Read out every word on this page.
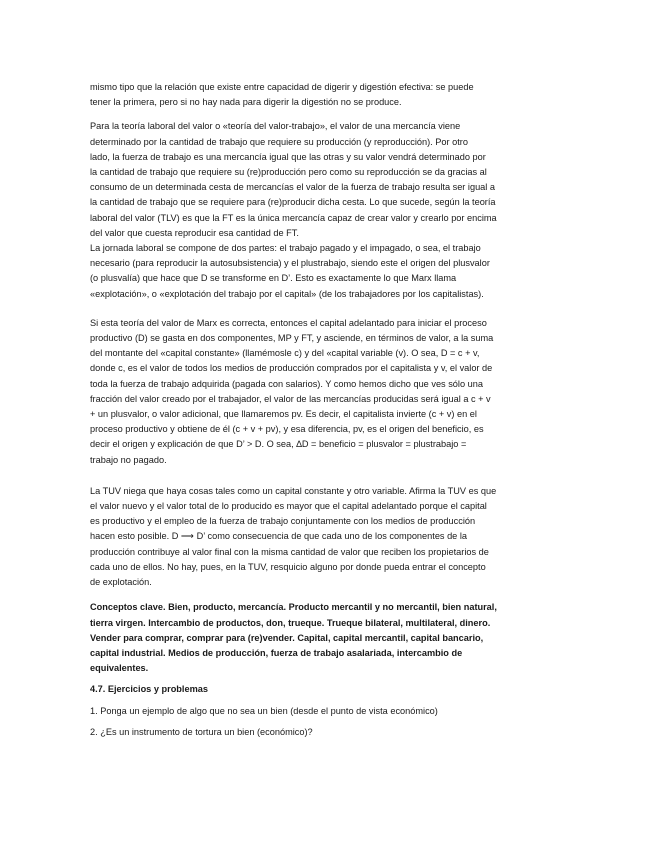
mismo tipo que la relación que existe entre capacidad de digerir y digestión efectiva: se puede
tener la primera, pero si no hay nada para digerir la digestión no se produce.
Para la teoría laboral del valor o «teoría del valor-trabajo», el valor de una mercancía viene
determinado por la cantidad de trabajo que requiere su producción (y reproducción). Por otro
lado, la fuerza de trabajo es una mercancía igual que las otras y su valor vendrá determinado por
la cantidad de trabajo que requiere su (re)producción pero como su reproducción se da gracias al
consumo de un determinada cesta de mercancías el valor de la fuerza de trabajo resulta ser igual a
la cantidad de trabajo que se requiere para (re)producir dicha cesta. Lo que sucede, según la teoría
laboral del valor (TLV) es que la FT es la única mercancía capaz de crear valor y crearlo por encima
del valor que cuesta reproducir esa cantidad de FT.
La jornada laboral se compone de dos partes: el trabajo pagado y el impagado, o sea, el trabajo
necesario (para reproducir la autosubsistencia) y el plustrabajo, siendo este el origen del plusvalor
(o plusvalía) que hace que D se transforme en D’. Esto es exactamente lo que Marx llama
«explotación», o «explotación del trabajo por el capital» (de los trabajadores por los capitalistas).
Si esta teoría del valor de Marx es correcta, entonces el capital adelantado para iniciar el proceso
productivo (D) se gasta en dos componentes, MP y FT, y asciende, en términos de valor, a la suma
del montante del «capital constante» (llamémosle c) y del «capital variable (v). O sea, D = c + v,
donde c, es el valor de todos los medios de producción comprados por el capitalista y v, el valor de
toda la fuerza de trabajo adquirida (pagada con salarios). Y como hemos dicho que ves sólo una
fracción del valor creado por el trabajador, el valor de las mercancías producidas será igual a c + v
+ un plusvalor, o valor adicional, que llamaremos pv. Es decir, el capitalista invierte (c + v) en el
proceso productivo y obtiene de él (c + v + pv), y esa diferencia, pv, es el origen del beneficio, es
decir el origen y explicación de que D’ > D. O sea, ∆D = beneficio = plusvalor = plustrabajo =
trabajo no pagado.
La TUV niega que haya cosas tales como un capital constante y otro variable. Afirma la TUV es que
el valor nuevo y el valor total de lo producido es mayor que el capital adelantado porque el capital
es productivo y el empleo de la fuerza de trabajo conjuntamente con los medios de producción
hacen esto posible. D ⟶ D’ como consecuencia de que cada uno de los componentes de la
producción contribuye al valor final con la misma cantidad de valor que reciben los propietarios de
cada uno de ellos. No hay, pues, en la TUV, resquicio alguno por donde pueda entrar el concepto
de explotación.
Conceptos clave. Bien, producto, mercancía. Producto mercantil y no mercantil, bien natural,
tierra virgen. Intercambio de productos, don, trueque. Trueque bilateral, multilateral, dinero.
Vender para comprar, comprar para (re)vender. Capital, capital mercantil, capital bancario,
capital industrial. Medios de producción, fuerza de trabajo asalariada, intercambio de
equivalentes.
4.7. Ejercicios y problemas
1. Ponga un ejemplo de algo que no sea un bien (desde el punto de vista económico)
2. ¿Es un instrumento de tortura un bien (económico)?
